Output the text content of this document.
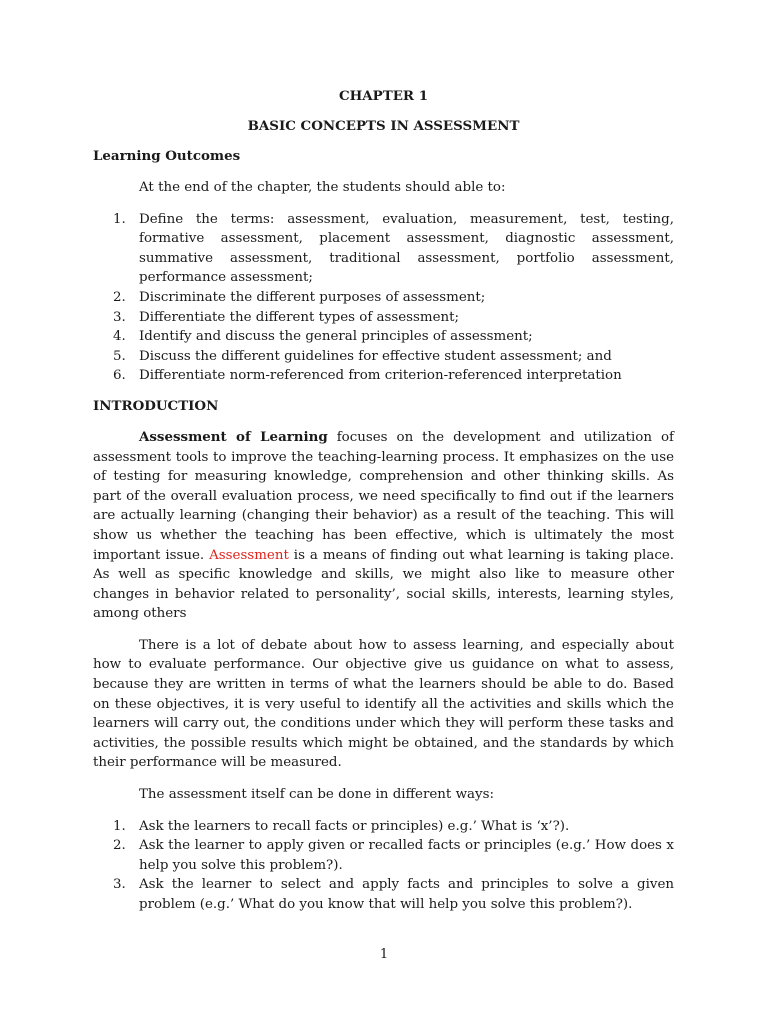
CHAPTER 1

BASIC CONCEPTS IN ASSESSMENT

Learning Outcomes

At the end of the chapter, the students should able to:

1. Define the terms: assessment, evaluation, measurement, test, testing, formative assessment, placement assessment, diagnostic assessment, summative assessment, traditional assessment, portfolio assessment, performance assessment;
2. Discriminate the different purposes of assessment;
3. Differentiate the different types of assessment;
4. Identify and discuss the general principles of assessment;
5. Discuss the different guidelines for effective student assessment; and
6. Differentiate norm-referenced from criterion-referenced interpretation

INTRODUCTION

Assessment of Learning focuses on the development and utilization of assessment tools to improve the teaching-learning process. It emphasizes on the use of testing for measuring knowledge, comprehension and other thinking skills. As part of the overall evaluation process, we need specifically to find out if the learners are actually learning (changing their behavior) as a result of the teaching. This will show us whether the teaching has been effective, which is ultimately the most important issue. Assessment is a means of finding out what learning is taking place. As well as specific knowledge and skills, we might also like to measure other changes in behavior related to personality’, social skills, interests, learning styles, among others

There is a lot of debate about how to assess learning, and especially about how to evaluate performance. Our objective give us guidance on what to assess, because they are written in terms of what the learners should be able to do. Based on these objectives, it is very useful to identify all the activities and skills which the learners will carry out, the conditions under which they will perform these tasks and activities, the possible results which might be obtained, and the standards by which their performance will be measured.

The assessment itself can be done in different ways:

1. Ask the learners to recall facts or principles) e.g.’ What is ‘x’?).
2. Ask the learner to apply given or recalled facts or principles (e.g.’ How does x help you solve this problem?).
3. Ask the learner to select and apply facts and principles to solve a given problem (e.g.’ What do you know that will help you solve this problem?).
1
